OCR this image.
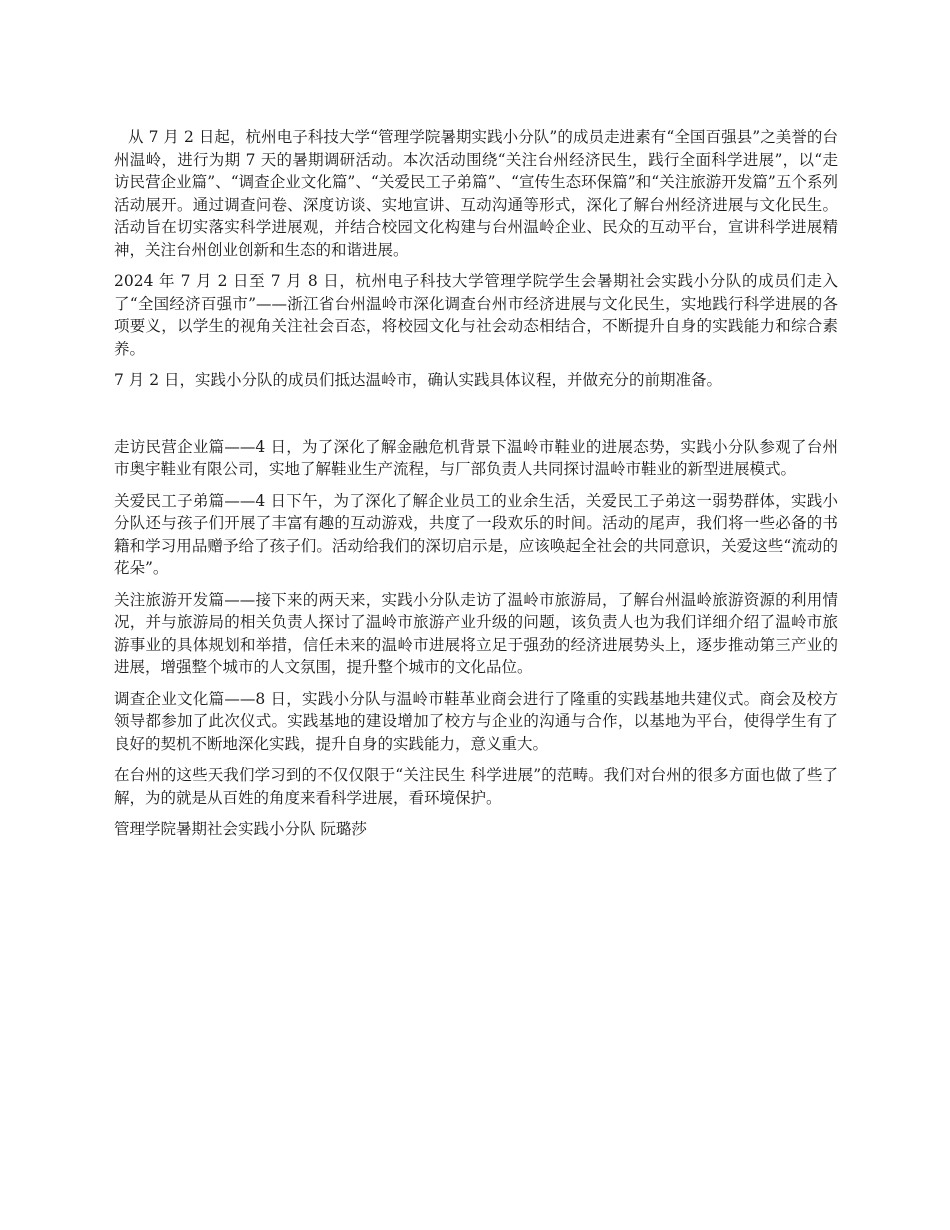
从 7 月 2 日起，杭州电子科技大学“管理学院暑期实践小分队”的成员走进素有“全国百强县”之美誉的台州温岭，进行为期 7 天的暑期调研活动。本次活动围绕“关注台州经济民生，践行全面科学进展”，以“走访民营企业篇”、“调查企业文化篇”、“关爱民工子弟篇”、“宣传生态环保篇”和“关注旅游开发篇”五个系列活动展开。通过调查问卷、深度访谈、实地宣讲、互动沟通等形式，深化了解台州经济进展与文化民生。活动旨在切实落实科学进展观，并结合校园文化构建与台州温岭企业、民众的互动平台，宣讲科学进展精神，关注台州创业创新和生态的和谐进展。

2024 年 7 月 2 日至 7 月 8 日，杭州电子科技大学管理学院学生会暑期社会实践小分队的成员们走入了“全国经济百强市”——浙江省台州温岭市深化调查台州市经济进展与文化民生，实地践行科学进展的各项要义，以学生的视角关注社会百态，将校园文化与社会动态相结合，不断提升自身的实践能力和综合素养。

7 月 2 日，实践小分队的成员们抵达温岭市，确认实践具体议程，并做充分的前期准备。

走访民营企业篇——4 日，为了深化了解金融危机背景下温岭市鞋业的进展态势，实践小分队参观了台州市奥宇鞋业有限公司，实地了解鞋业生产流程，与厂部负责人共同探讨温岭市鞋业的新型进展模式。

关爱民工子弟篇——4 日下午，为了深化了解企业员工的业余生活，关爱民工子弟这一弱势群体，实践小分队还与孩子们开展了丰富有趣的互动游戏，共度了一段欢乐的时间。活动的尾声，我们将一些必备的书籍和学习用品赠予给了孩子们。活动给我们的深切启示是，应该唤起全社会的共同意识，关爱这些“流动的花朵”。

关注旅游开发篇——接下来的两天来，实践小分队走访了温岭市旅游局，了解台州温岭旅游资源的利用情况，并与旅游局的相关负责人探讨了温岭市旅游产业升级的问题，该负责人也为我们详细介绍了温岭市旅游事业的具体规划和举措，信任未来的温岭市进展将立足于强劲的经济进展势头上，逐步推动第三产业的进展，增强整个城市的人文氛围，提升整个城市的文化品位。

调查企业文化篇——8 日，实践小分队与温岭市鞋革业商会进行了隆重的实践基地共建仪式。商会及校方领导都参加了此次仪式。实践基地的建设增加了校方与企业的沟通与合作，以基地为平台，使得学生有了良好的契机不断地深化实践，提升自身的实践能力，意义重大。

在台州的这些天我们学习到的不仅仅限于“关注民生 科学进展”的范畴。我们对台州的很多方面也做了些了解，为的就是从百姓的角度来看科学进展，看环境保护。

管理学院暑期社会实践小分队 阮璐莎
